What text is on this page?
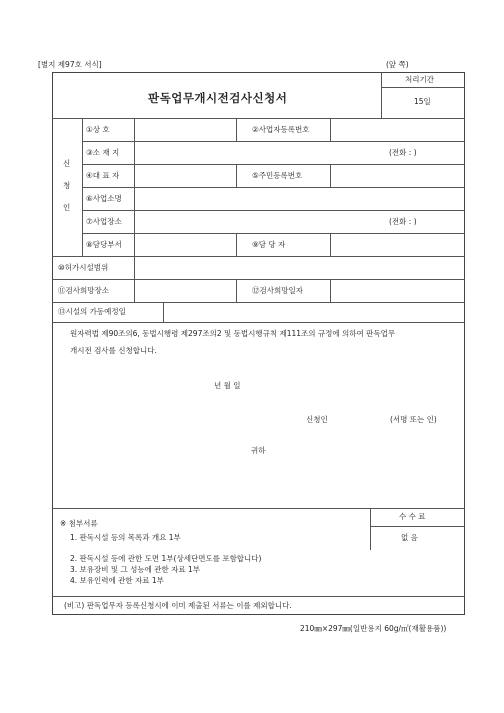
[별지 제97호 서식]	(앞 쪽)
판독업무개시전검사신청서
처리기간
15일
신
청
인
①상 호	②사업자등록번호
③소 재 지	(전화 : )
④대 표 자	⑤주민등록번호
⑥사업소명
⑦사업장소	(전화 : )
⑧담당부서	⑨담 당 자
⑩허가시설범위
⑪검사희망장소	⑫검사희망일자
⑬시설의 가동예정일
원자력법 제90조의6, 동법시행령 제297조의2 및 동법시행규칙 제111조의 규정에 의하여 판독업무
개시전 검사를 신청합니다.
년 월 일
신청인	(서명 또는 인)
귀하
수 수 료
없 음
※ 첨부서류
1. 판독시설 등의 목록과 개요 1부
2. 판독시설 등에 관한 도면 1부(상세단면도를 포함합니다)
3. 보유장비 및 그 성능에 관한 자료 1부
4. 보유인력에 관한 자료 1부
(비고) 판독업무자 등록신청시에 이미 제출된 서류는 이를 제외합니다.
210㎜×297㎜(일반용지 60g/㎡(재활용품))
